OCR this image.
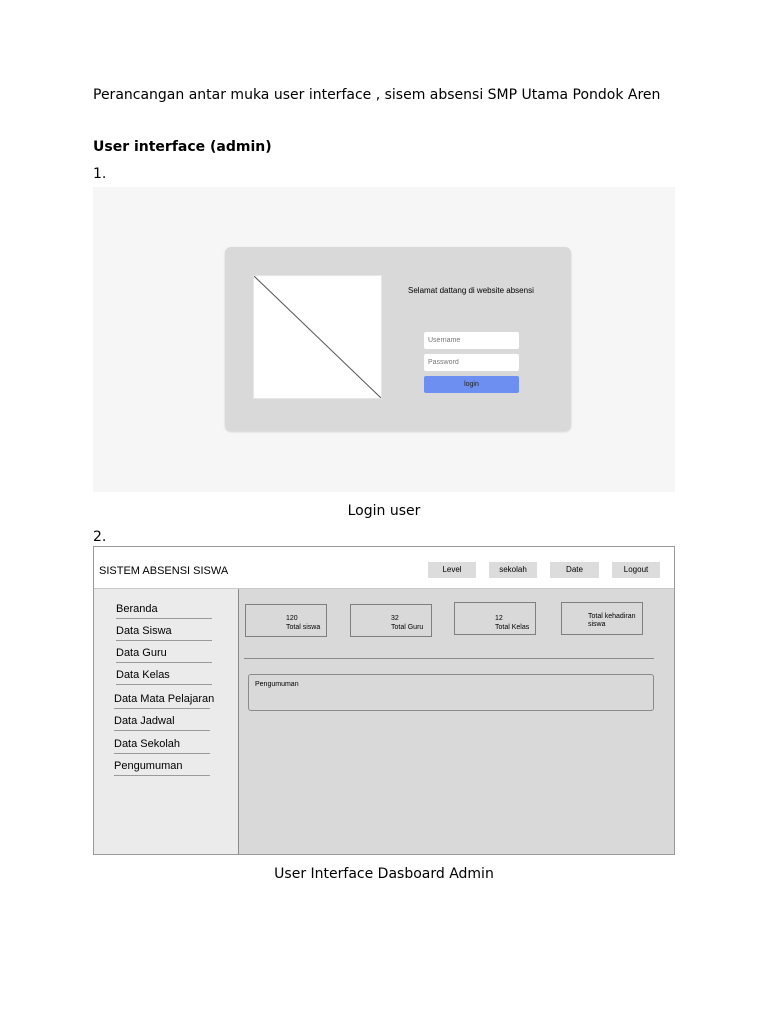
Perancangan antar muka user interface , sisem absensi SMP Utama Pondok Aren
User interface (admin)
1.
Selamat dattang di website absensi
Username
Password
login
Login user
2.
SISTEM ABSENSI SISWA	Level	sekolah	Date	Logout
Beranda
Data Siswa
Data Guru
Data Kelas
Data Mata Pelajaran
Data Jadwal
Data Sekolah
Pengumuman
120
Total siswa
32
Total Guru
12
Total Kelas
Total kehadiran siswa
Pengumuman
User Interface Dasboard Admin
